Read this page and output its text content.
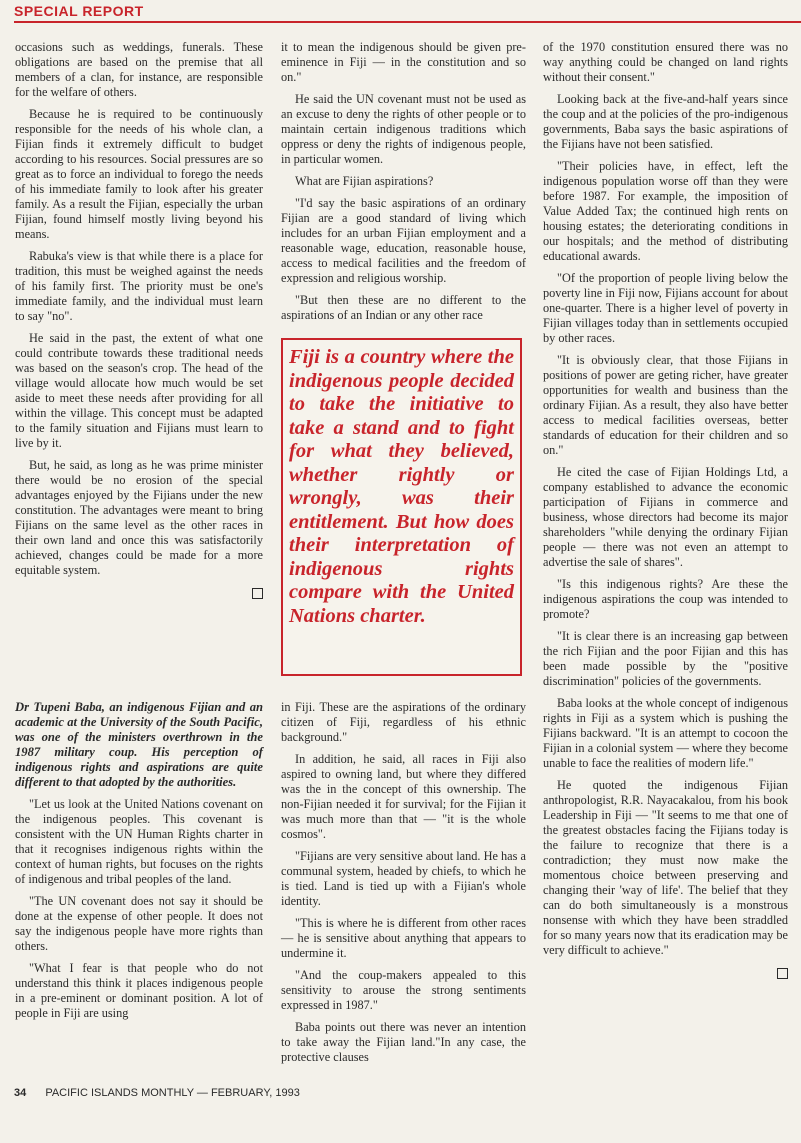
SPECIAL REPORT

occasions such as weddings, funerals. These obligations are based on the premise that all members of a clan, for instance, are responsible for the welfare of others.

Because he is required to be continuously responsible for the needs of his whole clan, a Fijian finds it extremely difficult to budget according to his resources. Social pressures are so great as to force an individual to forego the needs of his immediate family to look after his greater family. As a result the Fijian, especially the urban Fijian, found himself mostly living beyond his means.

Rabuka's view is that while there is a place for tradition, this must be weighed against the needs of his family first. The priority must be one's immediate family, and the individual must learn to say "no".

He said in the past, the extent of what one could contribute towards these traditional needs was based on the season's crop. The head of the village would allocate how much would be set aside to meet these needs after providing for all within the village. This concept must be adapted to the family situation and Fijians must learn to live by it.

But, he said, as long as he was prime minister there would be no erosion of the special advantages enjoyed by the Fijians under the new constitution. The advantages were meant to bring Fijians on the same level as the other races in their own land and once this was satisfactorily achieved, changes could be made for a more equitable system.

Dr Tupeni Baba, an indigenous Fijian and an academic at the University of the South Pacific, was one of the ministers overthrown in the 1987 military coup. His perception of indigenous rights and aspirations are quite different to that adopted by the authorities.

"Let us look at the United Nations covenant on the indigenous peoples. This covenant is consistent with the UN Human Rights charter in that it recognises indigenous rights within the context of human rights, but focuses on the rights of indigenous and tribal peoples of the land.

"The UN covenant does not say it should be done at the expense of other people. It does not say the indigenous people have more rights than others.

"What I fear is that people who do not understand this think it places indigenous people in a pre-eminent or dominant position. A lot of people in Fiji are using

it to mean the indigenous should be given pre-eminence in Fiji — in the constitution and so on."

He said the UN covenant must not be used as an excuse to deny the rights of other people or to maintain certain indigenous traditions which oppress or deny the rights of indigenous people, in particular women.

What are Fijian aspirations?

"I'd say the basic aspirations of an ordinary Fijian are a good standard of living which includes for an urban Fijian employment and a reasonable wage, education, reasonable house, access to medical facilities and the freedom of expression and religious worship.

"But then these are no different to the aspirations of an Indian or any other race

Fiji is a country where the indigenous people decided to take the initiative to take a stand and to fight for what they believed, whether rightly or wrongly, was their entitlement. But how does their interpretation of indigenous rights compare with the United Nations charter.

in Fiji. These are the aspirations of the ordinary citizen of Fiji, regardless of his ethnic background."

In addition, he said, all races in Fiji also aspired to owning land, but where they differed was the in the concept of this ownership. The non-Fijian needed it for survival; for the Fijian it was much more than that — "it is the whole cosmos".

"Fijians are very sensitive about land. He has a communal system, headed by chiefs, to which he is tied. Land is tied up with a Fijian's whole identity.

"This is where he is different from other races — he is sensitive about anything that appears to undermine it.

"And the coup-makers appealed to this sensitivity to arouse the strong sentiments expressed in 1987."

Baba points out there was never an intention to take away the Fijian land."In any case, the protective clauses

of the 1970 constitution ensured there was no way anything could be changed on land rights without their consent."

Looking back at the five-and-half years since the coup and at the policies of the pro-indigenous governments, Baba says the basic aspirations of the Fijians have not been satisfied.

"Their policies have, in effect, left the indigenous population worse off than they were before 1987. For example, the imposition of Value Added Tax; the continued high rents on housing estates; the deteriorating conditions in our hospitals; and the method of distributing educational awards.

"Of the proportion of people living below the poverty line in Fiji now, Fijians account for about one-quarter. There is a higher level of poverty in Fijian villages today than in settlements occupied by other races.

"It is obviously clear, that those Fijians in positions of power are geting richer, have greater opportunities for wealth and business than the ordinary Fijian. As a result, they also have better access to medical facilities overseas, better standards of education for their children and so on."

He cited the case of Fijian Holdings Ltd, a company established to advance the economic participation of Fijians in commerce and business, whose directors had become its major shareholders "while denying the ordinary Fijian people — there was not even an attempt to advertise the sale of shares".

"Is this indigenous rights? Are these the indigenous aspirations the coup was intended to promote?

"It is clear there is an increasing gap between the rich Fijian and the poor Fijian and this has been made possible by the "positive discrimination" policies of the governments.

Baba looks at the whole concept of indigenous rights in Fiji as a system which is pushing the Fijians backward. "It is an attempt to cocoon the Fijian in a colonial system — where they become unable to face the realities of modern life."

He quoted the indigenous Fijian anthropologist, R.R. Nayacakalou, from his book Leadership in Fiji — "It seems to me that one of the greatest obstacles facing the Fijians today is the failure to recognize that there is a contradiction; they must now make the momentous choice between preserving and changing their 'way of life'. The belief that they can do both simultaneously is a monstrous nonsense with which they have been straddled for so many years now that its eradication may be very difficult to achieve."

34 PACIFIC ISLANDS MONTHLY — FEBRUARY, 1993
